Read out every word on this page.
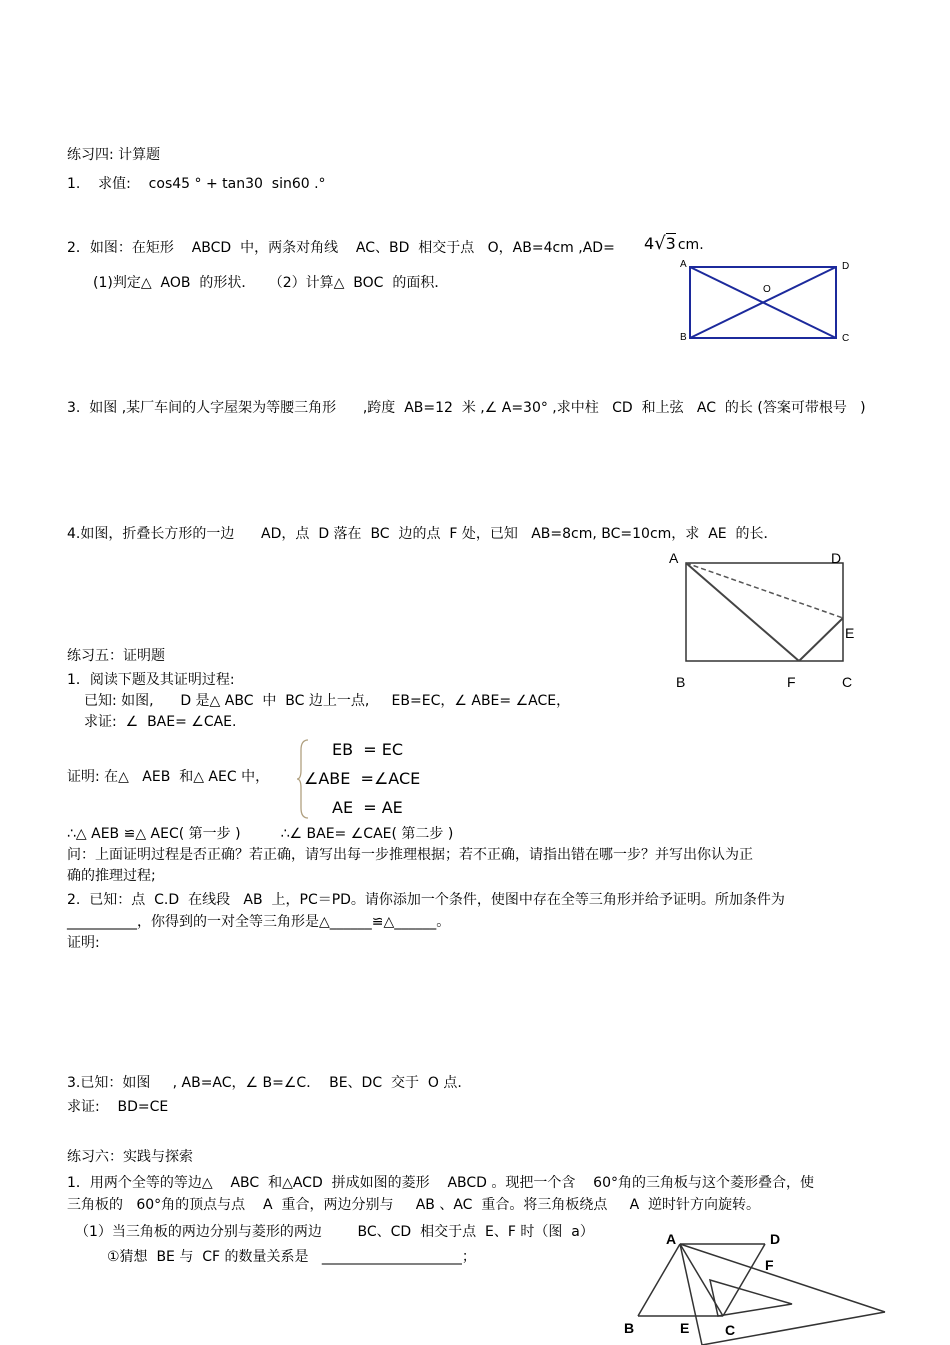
练习四: 计算题
1.    求值:    cos45 ° + tan30  sin60 .°
2．如图：在矩形    ABCD  中，两条对角线    AC、BD  相交于点   O，AB=4cm ,AD= 4√3 cm.
(1)判定△  AOB  的形状．   （2）计算△  BOC  的面积．
A	D
O
B	C
3.  如图 ,某厂车间的人字屋架为等腰三角形      ,跨度  AB=12  米 ,∠ A=30° ,求中柱   CD  和上弦   AC  的长 (答案可带根号   )
4.如图，折叠长方形的一边      AD，点  D 落在  BC  边的点  F 处，已知   AB=8cm, BC=10cm，求  AE  的长．
A	D
E
B	F	C
练习五：证明题
1．阅读下题及其证明过程:
已知: 如图,      D 是△ ABC  中  BC 边上一点,     EB=EC，∠ ABE= ∠ACE，
求证:  ∠  BAE= ∠CAE.
证明: 在△   AEB  和△ AEC 中，
EB  = EC
∠ABE  =∠ACE
AE  = AE
∴△ AEB ≌△ AEC( 第一步 )         ∴∠ BAE= ∠CAE( 第二步 )
问：上面证明过程是否正确？若正确，请写出每一步推理根据；若不正确，请指出错在哪一步？并写出你认为正
确的推理过程;
2.  已知：点  C.D  在线段   AB  上，PC＝PD。请你添加一个条件，使图中存在全等三角形并给予证明。所加条件为
__________，你得到的一对全等三角形是△______≌△______。
证明:
3.已知：如图     , AB=AC，∠ B=∠C．  BE、DC  交于  O 点.
求证:    BD=CE
练习六：实践与探索
1．用两个全等的等边△    ABC  和△ACD  拼成如图的菱形    ABCD 。现把一个含    60°角的三角板与这个菱形叠合，使
三角板的   60°角的顶点与点    A  重合，两边分别与     AB 、AC  重合。将三角板绕点     A  逆时针方向旋转。
（1）当三角板的两边分别与菱形的两边        BC、CD  相交于点  E、F 时（图  a）
①猜想  BE 与  CF 的数量关系是   ____________________；
A	D
F
B	E	C
